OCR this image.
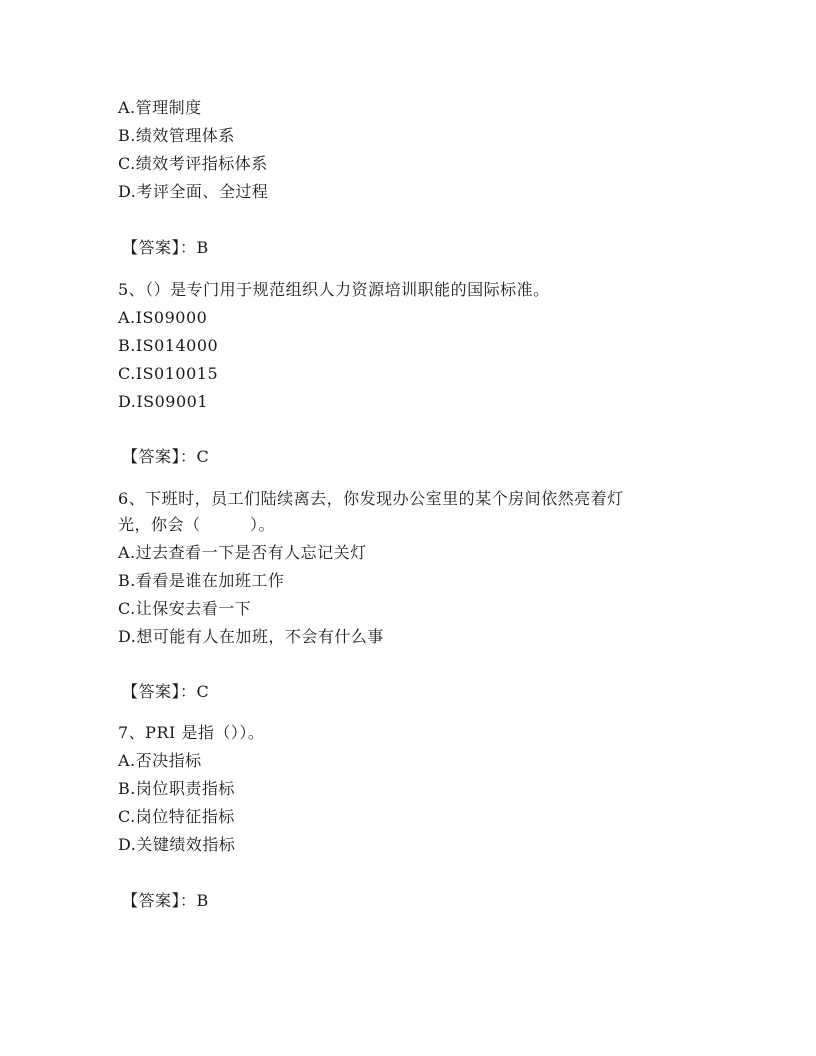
A.管理制度
B.绩效管理体系
C.绩效考评指标体系
D.考评全面、全过程
【答案】：B
5、（）是专门用于规范组织人力资源培训职能的国际标准。
A.IS09000
B.IS014000
C.IS010015
D.IS09001
【答案】：C
6、下班时，员工们陆续离去，你发现办公室里的某个房间依然亮着灯
光，你会（　　　）。
A.过去查看一下是否有人忘记关灯
B.看看是谁在加班工作
C.让保安去看一下
D.想可能有人在加班，不会有什么事
【答案】：C
7、PRI 是指（））。
A.否决指标
B.岗位职责指标
C.岗位特征指标
D.关键绩效指标
【答案】：B
